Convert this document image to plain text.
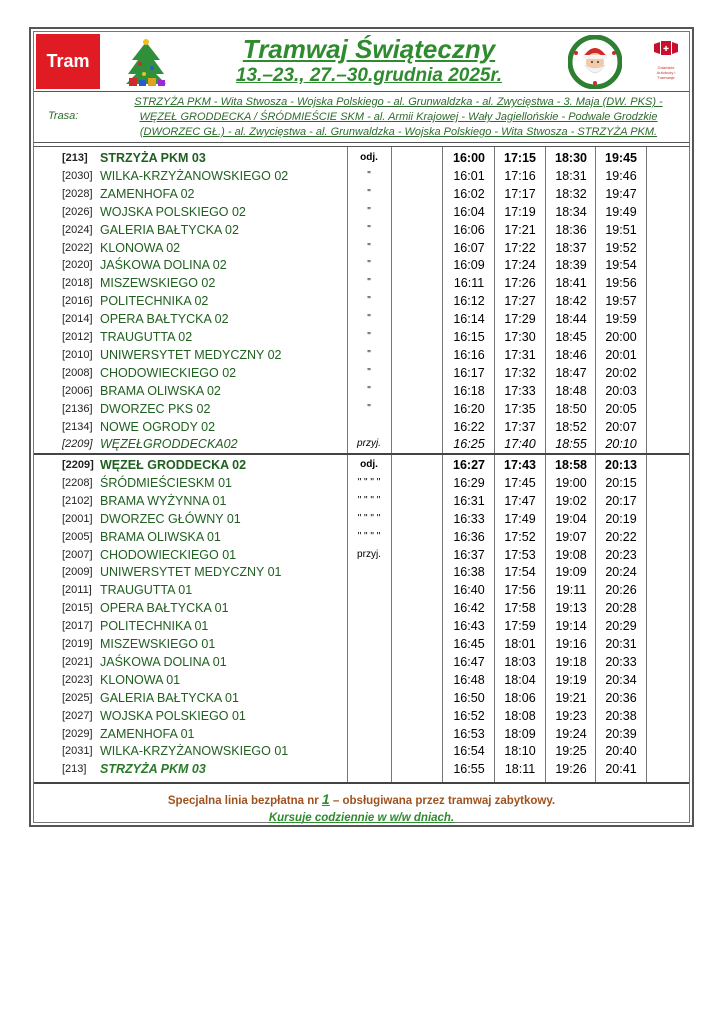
Tram	Tramwaj Świąteczny
13.–23., 27.–30.grudnia 2025r.
✚
Gdańskie Autobusy i Tramwaje
Trasa:
STRZYŻA PKM - Wita Stwosza - Wojska Polskiego - al. Grunwaldzka - al. Zwycięstwa - 3. Maja (DW. PKS) - WĘZEŁ GRODDECKA / ŚRÓDMIEŚCIE SKM - al. Armii Krajowej - Wały Jagiellońskie - Podwale Grodzkie (DWORZEC GŁ.) - al. Zwycięstwa - al. Grunwaldzka - Wojska Polskiego - Wita Stwosza - STRZYŻA PKM.
[213] STRZYŻA PKM 03	odj.	16:00	17:15	18:30	19:45
[2030] WILKA-KRZYŻANOWSKIEGO 02	"	16:01	17:16	18:31	19:46
[2028] ZAMENHOFA 02	"	16:02	17:17	18:32	19:47
[2026] WOJSKA POLSKIEGO 02	"	16:04	17:19	18:34	19:49
[2024] GALERIA BAŁTYCKA 02	"	16:06	17:21	18:36	19:51
[2022] KLONOWA 02	"	16:07	17:22	18:37	19:52
[2020] JAŚKOWA DOLINA 02	"	16:09	17:24	18:39	19:54
[2018] MISZEWSKIEGO 02	"	16:11	17:26	18:41	19:56
[2016] POLITECHNIKA 02	"	16:12	17:27	18:42	19:57
[2014] OPERA BAŁTYCKA 02	"	16:14	17:29	18:44	19:59
[2012] TRAUGUTTA 02	"	16:15	17:30	18:45	20:00
[2010] UNIWERSYTET MEDYCZNY 02	"	16:16	17:31	18:46	20:01
[2008] CHODOWIECKIEGO 02	"	16:17	17:32	18:47	20:02
[2006] BRAMA OLIWSKA 02	"	16:18	17:33	18:48	20:03
[2136] DWORZEC PKS 02	"	16:20	17:35	18:50	20:05
[2134] NOWE OGRODY 02	16:22	17:37	18:52	20:07
[2209] WĘZEŁGRODDECKA02	przyj.	16:25	17:40	18:55	20:10
[2209] WĘZEŁ GRODDECKA 02	odj.	16:27	17:43	18:58	20:13
[2208] ŚRÓDMIEŚCIESKM 01	" " " "	16:29	17:45	19:00	20:15
[2102] BRAMA WYŻYNNA 01	" " " "	16:31	17:47	19:02	20:17
[2001] DWORZEC GŁÓWNY 01	" " " "	16:33	17:49	19:04	20:19
[2005] BRAMA OLIWSKA 01	" " " "	16:36	17:52	19:07	20:22
[2007] CHODOWIECKIEGO 01	przyj.	16:37	17:53	19:08	20:23
[2009] UNIWERSYTET MEDYCZNY 01	16:38	17:54	19:09	20:24
[2011] TRAUGUTTA 01	16:40	17:56	19:11	20:26
[2015] OPERA BAŁTYCKA 01	16:42	17:58	19:13	20:28
[2017] POLITECHNIKA 01	16:43	17:59	19:14	20:29
[2019] MISZEWSKIEGO 01	16:45	18:01	19:16	20:31
[2021] JAŚKOWA DOLINA 01	16:47	18:03	19:18	20:33
[2023] KLONOWA 01	16:48	18:04	19:19	20:34
[2025] GALERIA BAŁTYCKA 01	16:50	18:06	19:21	20:36
[2027] WOJSKA POLSKIEGO 01	16:52	18:08	19:23	20:38
[2029] ZAMENHOFA 01	16:53	18:09	19:24	20:39
[2031] WILKA-KRZYŻANOWSKIEGO 01	16:54	18:10	19:25	20:40
[213]	STRZYŻA PKM 03	16:55	18:11	19:26	20:41
Specjalna linia bezpłatna nr 1 – obsługiwana przez tramwaj zabytkowy.
Kursuje codziennie w w/w dniach.
